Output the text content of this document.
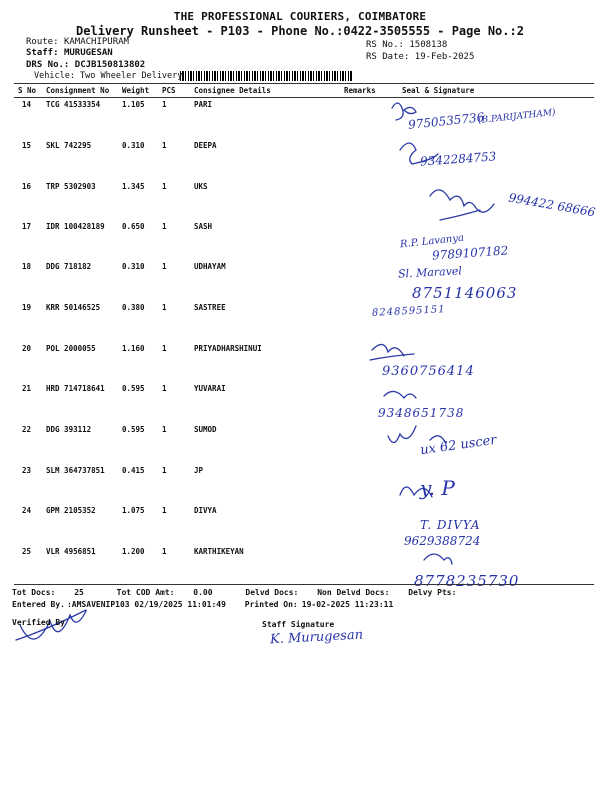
THE PROFESSIONAL COURIERS, COIMBATORE
Delivery Runsheet - P103 - Phone No.:0422-3505555 - Page No.:2
Route: KAMACHIPURAM
Staff: MURUGESAN
DRS No.: DCJB150813802
RS No.: 1508138
RS Date: 19-Feb-2025
Vehicle: Two Wheeler Delivery
S No Consignment No Weight PCS Consignee Details	Remarks	Seal & Signature
14 TCG 41533354	1.105 1	PARI
15 SKL 742295	0.310 1	DEEPA
16 TRP 5302903	1.345 1	UKS
17 IDR 100428189 0.650 1	SASH
18 DDG 718182	0.310 1	UDHAYAM
19 KRR 50146525	0.380 1	SASTREE
20 POL 2000055	1.160 1	PRIYADHARSHINUI
21 HRD 714718641 0.595 1	YUVARAI
22 DDG 393112	0.595 1	SUMOD
23 SLM 364737851 0.415 1	JP
24 GPM 2105352	1.075 1	DIVYA
25 VLR 4956851	1.200 1	KARTHIKEYAN
9750535736
(B.PARIJATHAM)
9342284753
994422 68666
R.P. Lavanya
9789107182
Sl. Maravel
8751146063
8248595151
9360756414
9348651738
ux 62 uscer
y. P
T. DIVYA
9629388724
8778235730
Tot Docs: 25	Tot COD Amt: 0.00	Delvd Docs: Non Delvd Docs: Delvy Pts:
Entered By. :AMSAVENIP103 02/19/2025 11:01:49 Printed On: 19-02-2025 11:23:11
Verified By	Staff Signature
K. Murugesan
